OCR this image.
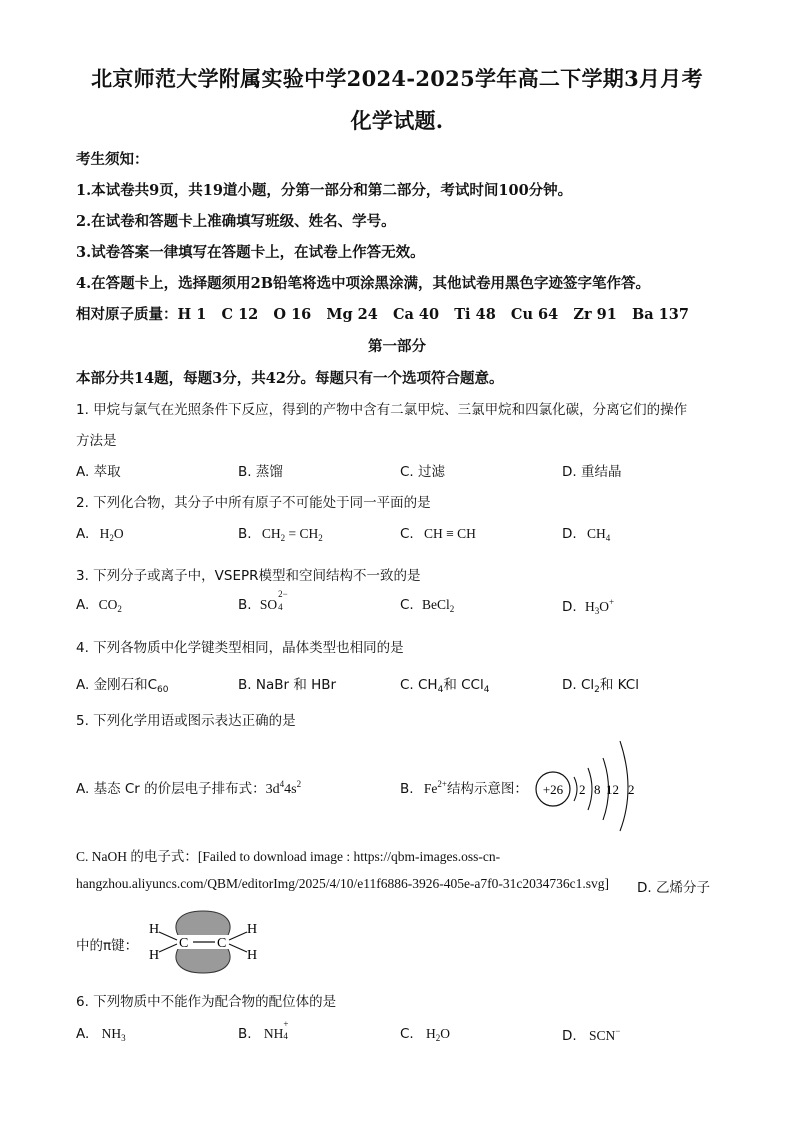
北京师范大学附属实验中学2024-2025学年高二下学期3月月考
化学试题.
考生须知：
1.本试卷共9页，共19道小题，分第一部分和第二部分，考试时间100分钟。
2.在试卷和答题卡上准确填写班级、姓名、学号。
3.试卷答案一律填写在答题卡上，在试卷上作答无效。
4.在答题卡上，选择题须用2B铅笔将选中项涂黑涂满，其他试卷用黑色字迹签字笔作答。
相对原子质量：H 1   C 12   O 16   Mg 24   Ca 40   Ti 48   Cu 64   Zr 91   Ba 137
第一部分
本部分共14题，每题3分，共42分。每题只有一个选项符合题意。
1. 甲烷与氯气在光照条件下反应，得到的产物中含有二氯甲烷、三氯甲烷和四氯化碳，分离它们的操作
方法是
A. 萃取	B. 蒸馏	C. 过滤	D. 重结晶
2. 下列化合物，其分子中所有原子不可能处于同一平面的是
A. $H_2O$	B. $CH_2 = CH_2$	C. CH ≡ CH	D. $CH_4$
3. 下列分子或离子中，VSEPR模型和空间结构不一致的是
A. $CO_2$	B. SO
2−
4	C. BeCl$_2$	D. $H_3O^+$
4. 下列各物质中化学键类型相同，晶体类型也相同的是
A. 金刚石和$C_{60}$	B. NaBr 和 HBr	C. $CH_4$和 CCl$_4$	D. $Cl_2$和 KCl
5. 下列化学用语或图示表达正确的是
A. 基态 Cr 的价层电子排布式：$3d^44s^2$	B. $Fe^{2+}$结构示意图： +26 2 8 12 2
C. NaOH 的电子式：[Failed to download image : https://qbm-images.oss-cn-
hangzhou.aliyuncs.com/QBM/editorImg/2025/4/10/e11f6886-3926-405e-a7f0-31c2034736c1.svg] D. 乙烯分子
中的π键：	C C
H
H
H
H
6. 下列物质中不能作为配合物的配位体的是
A. $NH_3$	B. NH
+
4	C. $H_2O$	D. SCN−
